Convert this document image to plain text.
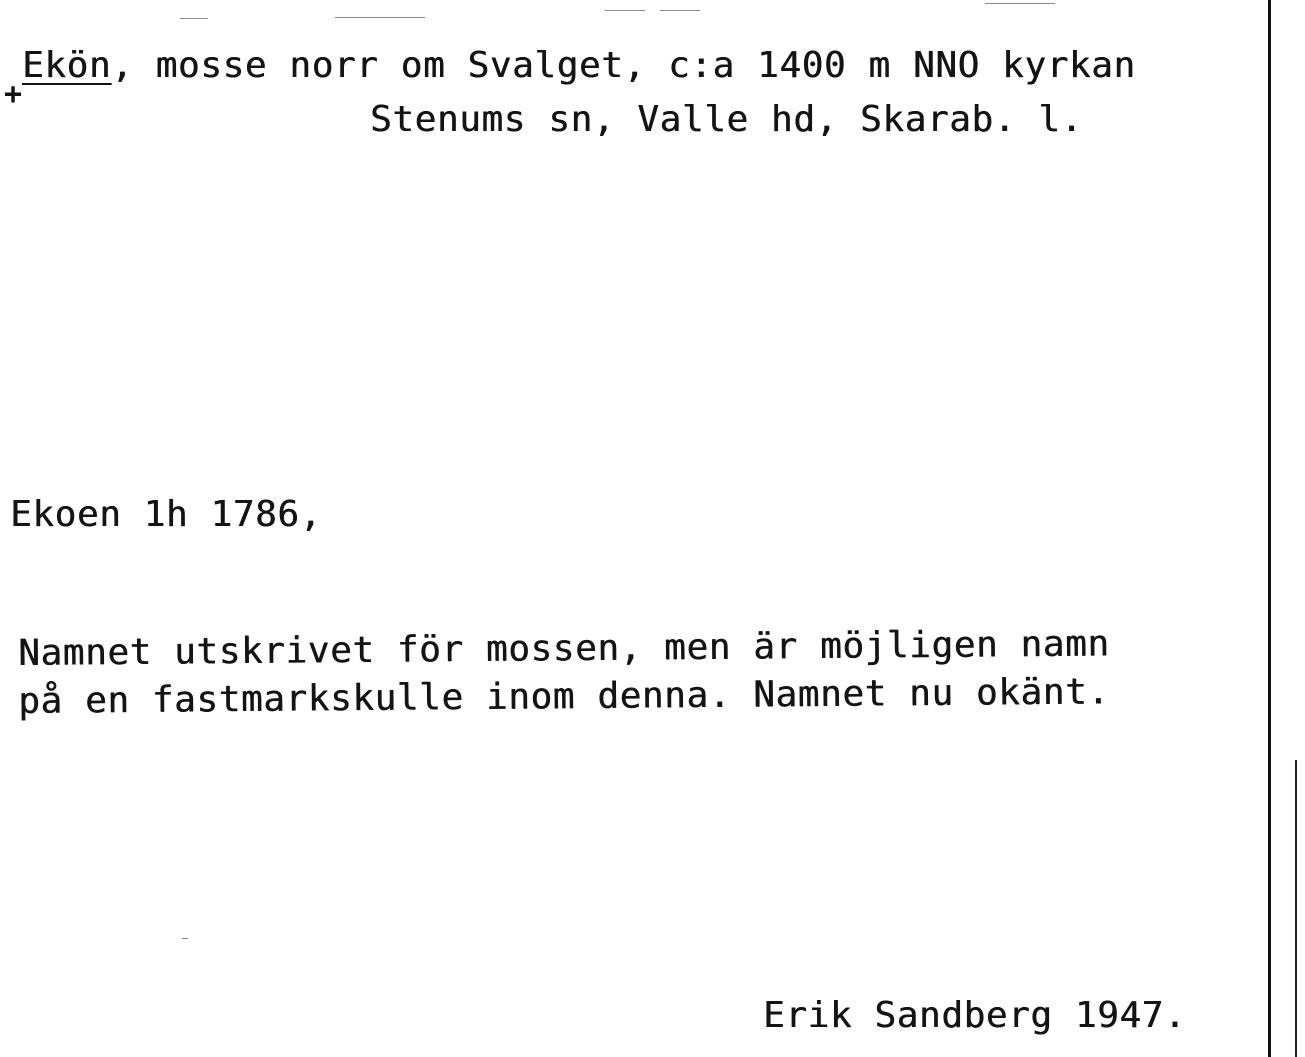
+
Ekön, mosse norr om Svalget, c:a 1400 m NNO kyrkan
Stenums sn, Valle hd, Skarab. l.
Ekoen 1h 1786,
Namnet utskrivet för mossen, men är möjligen namn
på en fastmarkskulle inom denna. Namnet nu okänt.
Erik Sandberg 1947.
